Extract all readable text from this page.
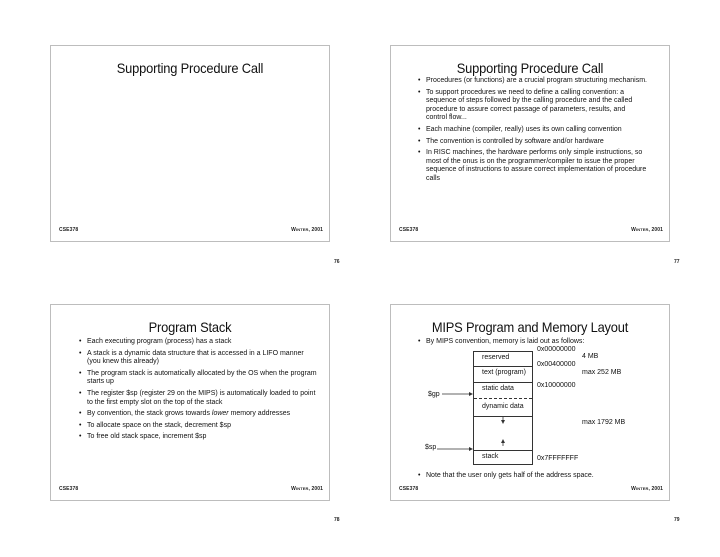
Supporting Procedure Call
CSE378	Winter, 2001
76
Supporting Procedure Call
• Procedures (or functions) are a crucial program structuring mechanism.
• To support procedures we need to define a calling convention: a sequence of steps followed by the calling procedure and the called procedure to assure correct passage of parameters, results, and control flow...
• Each machine (compiler, really) uses its own calling convention
• The convention is controlled by software and/or hardware
• In RISC machines, the hardware performs only simple instructions, so most of the onus is on the programmer/compiler to issue the proper sequence of instructions to assure correct implementation of procedure calls
CSE378	Winter, 2001
77
Program Stack
• Each executing program (process) has a stack
• A stack is a dynamic data structure that is accessed in a LIFO manner (you knew this already)
• The program stack is automatically allocated by the OS when the program starts up
• The register $sp (register 29 on the MIPS) is automatically loaded to point to the first empty slot on the top of the stack
• By convention, the stack grows towards lower memory addresses
• To allocate space on the stack, decrement $sp
• To free old stack space, increment $sp
CSE378	Winter, 2001
78
MIPS Program and Memory Layout
• By MIPS convention, memory is laid out as follows:
0x00000000
0x00400000
0x10000000
0x7FFFFFFF
4 MB
max 252 MB
max 1792 MB
reserved
text (program)
static data
dynamic data
stack
$gp
$sp
• Note that the user only gets half of the address space.
CSE378	Winter, 2001
79
